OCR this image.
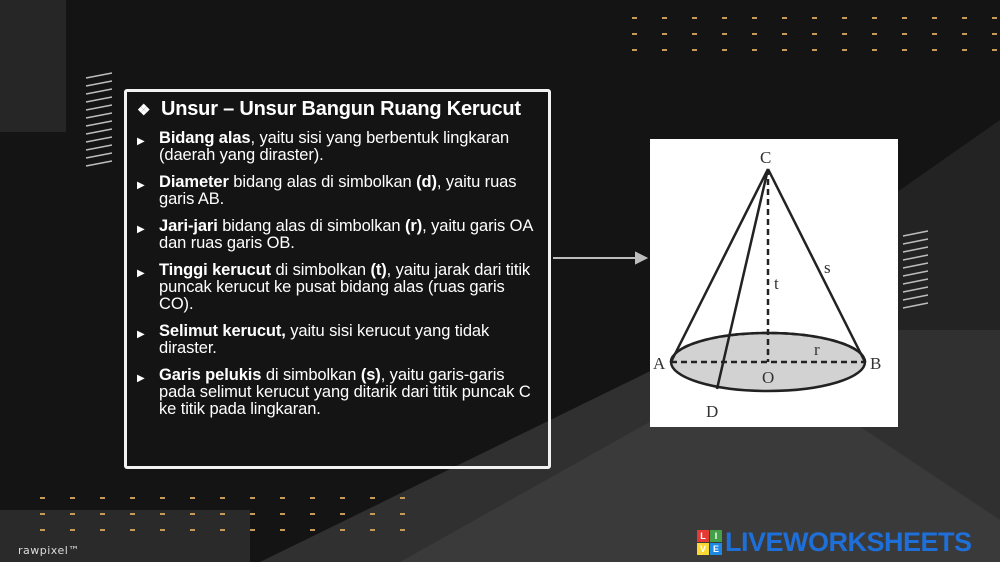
❖ Unsur – Unsur Bangun Ruang Kerucut
▶ Bidang alas, yaitu sisi yang berbentuk lingkaran (daerah yang diraster).
▶ Diameter bidang alas di simbolkan (d), yaitu ruas garis AB.
▶ Jari-jari bidang alas di simbolkan (r), yaitu garis OA dan ruas garis OB.
▶ Tinggi kerucut di simbolkan (t), yaitu jarak dari titik puncak kerucut ke pusat bidang alas (ruas garis CO).
▶ Selimut kerucut, yaitu sisi kerucut yang tidak diraster.
▶ Garis pelukis di simbolkan (s), yaitu garis-garis pada selimut kerucut yang ditarik dari titik puncak C ke titik pada lingkaran.
C
t
s
r
A	B
O
D
rawpixel™
L I
V E LIVEWORKSHEETS
